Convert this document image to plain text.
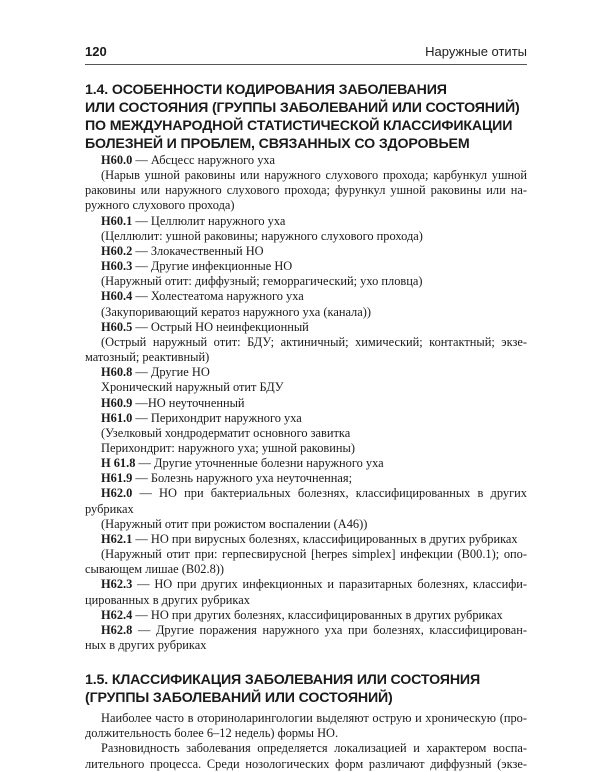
120	Наружные отиты
1.4. ОСОБЕННОСТИ КОДИРОВАНИЯ ЗАБОЛЕВАНИЯ
ИЛИ СОСТОЯНИЯ (ГРУППЫ ЗАБОЛЕВАНИЙ ИЛИ СОСТОЯНИЙ)
ПО МЕЖДУНАРОДНОЙ СТАТИСТИЧЕСКОЙ КЛАССИФИКАЦИИ
БОЛЕЗНЕЙ И ПРОБЛЕМ, СВЯЗАННЫХ СО ЗДОРОВЬЕМ
Н60.0 — Абсцесс наружного уха
(Нарыв ушной раковины или наружного слухового прохода; карбункул ушной
раковины или наружного слухового прохода; фурункул ушной раковины или на-
ружного слухового прохода)
Н60.1 — Целлюлит наружного уха
(Целлюлит: ушной раковины; наружного слухового прохода)
Н60.2 — Злокачественный НО
Н60.3 — Другие инфекционные НО
(Наружный отит: диффузный; геморрагический; ухо пловца)
Н60.4 — Холестеатома наружного уха
(Закупоривающий кератоз наружного уха (канала))
Н60.5 — Острый НО неинфекционный
(Острый наружный отит: БДУ; актиничный; химический; контактный; экзе-
матозный; реактивный)
Н60.8 — Другие НО
Хронический наружный отит БДУ
Н60.9 —НО неуточненный
Н61.0 — Перихондрит наружного уха
(Узелковый хондродерматит основного завитка
Перихондрит: наружного уха; ушной раковины)
Н 61.8 — Другие уточненные болезни наружного уха
Н61.9 — Болезнь наружного уха неуточненная;
Н62.0 — НО при бактериальных болезнях, классифицированных в других
рубриках
(Наружный отит при рожистом воспалении (А46))
Н62.1 — НО при вирусных болезнях, классифицированных в других рубриках
(Наружный отит при: герпесвирусной [herpes simplex] инфекции (В00.1); опо-
сывающем лишае (В02.8))
Н62.3 — НО при других инфекционных и паразитарных болезнях, классифи-
цированных в других рубриках
Н62.4 — НО при других болезнях, классифицированных в других рубриках
Н62.8 — Другие поражения наружного уха при болезнях, классифицирован-
ных в других рубриках
1.5. КЛАССИФИКАЦИЯ ЗАБОЛЕВАНИЯ ИЛИ СОСТОЯНИЯ
(ГРУППЫ ЗАБОЛЕВАНИЙ ИЛИ СОСТОЯНИЙ)
Наиболее часто в оториноларингологии выделяют острую и хроническую (про-
должительность более 6–12 недель) формы НО.
Разновидность заболевания определяется локализацией и характером воспа-
лительного процесса. Среди нозологических форм различают диффузный (экзе-
